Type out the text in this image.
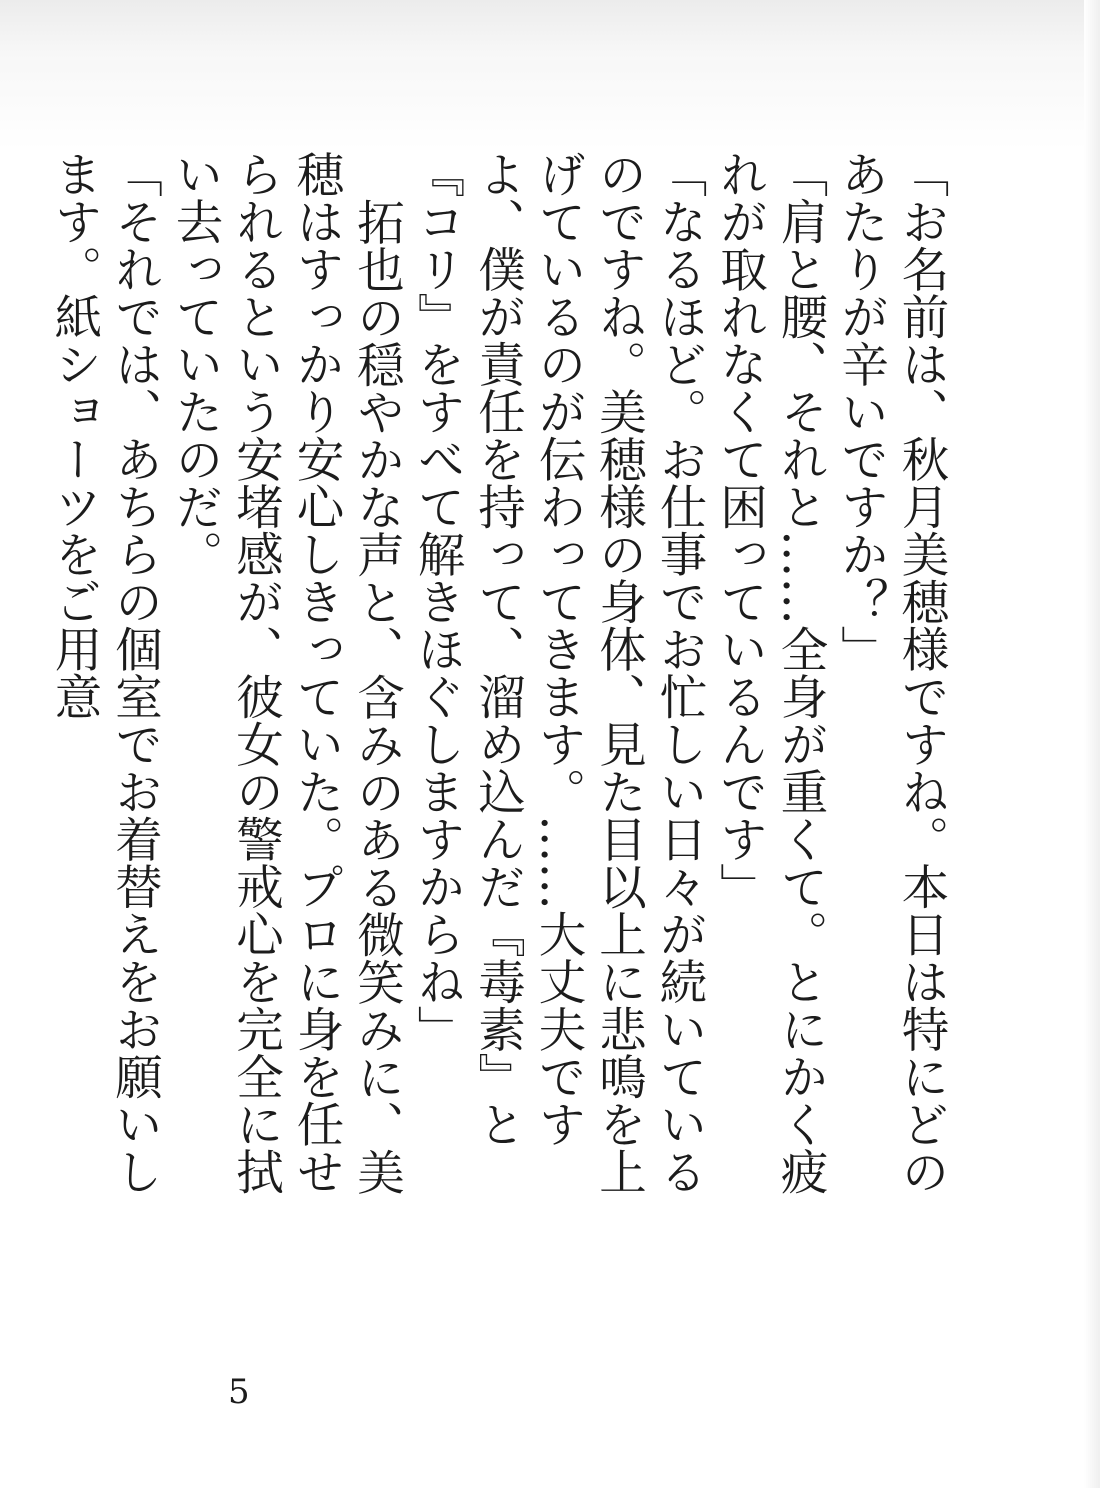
「お名前は、秋月美穂様ですね。本日は特にどのあたりが辛いですか？」

「肩と腰、それと……全身が重くて。とにかく疲れが取れなくて困っているんです」

「なるほど。お仕事でお忙しい日々が続いているのですね。美穂様の身体、見た目以上に悲鳴を上げているのが伝わってきます。……大丈夫ですよ、僕が責任を持って、溜め込んだ『毒素』と『コリ』をすべて解きほぐしますからね」

拓也の穏やかな声と、含みのある微笑みに、美穂はすっかり安心しきっていた。プロに身を任せられるという安堵感が、彼女の警戒心を完全に拭い去っていたのだ。

「それでは、あちらの個室でお着替えをお願いします。紙ショーツをご用意

5
